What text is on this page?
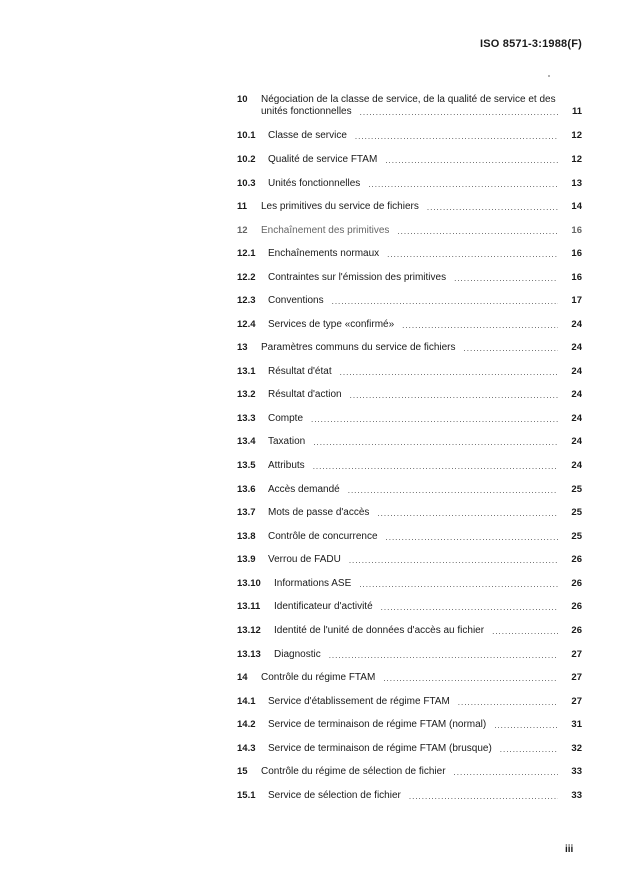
ISO 8571-3:1988(F)
10 Négociation de la classe de service, de la qualité de service et des
unités fonctionnelles .....	11
10.1 Classe de service .....	12
10.2 Qualité de service FTAM .....	12
10.3 Unités fonctionnelles .....	13
11 Les primitives du service de fichiers .....	14
12 Enchaînement des primitives .....	16
12.1 Enchaînements normaux .....	16
12.2 Contraintes sur l'émission des primitives .....	16
12.3 Conventions .....	17
12.4 Services de type «confirmé» .....	24
13 Paramètres communs du service de fichiers .....	24
13.1 Résultat d'état .....	24
13.2 Résultat d'action .....	24
13.3 Compte .....	24
13.4 Taxation .....	24
13.5 Attributs .....	24
13.6 Accès demandé .....	25
13.7 Mots de passe d'accès .....	25
13.8 Contrôle de concurrence .....	25
13.9 Verrou de FADU .....	26
13.10 Informations ASE .....	26
13.11 Identificateur d'activité .....	26
13.12 Identité de l'unité de données d'accès au fichier .....	26
13.13 Diagnostic .....	27
14 Contrôle du régime FTAM .....	27
14.1 Service d'établissement de régime FTAM .....	27
14.2 Service de terminaison de régime FTAM (normal) .....	31
14.3 Service de terminaison de régime FTAM (brusque) .....	32
15 Contrôle du régime de sélection de fichier .....	33
15.1 Service de sélection de fichier .....	33
iii
